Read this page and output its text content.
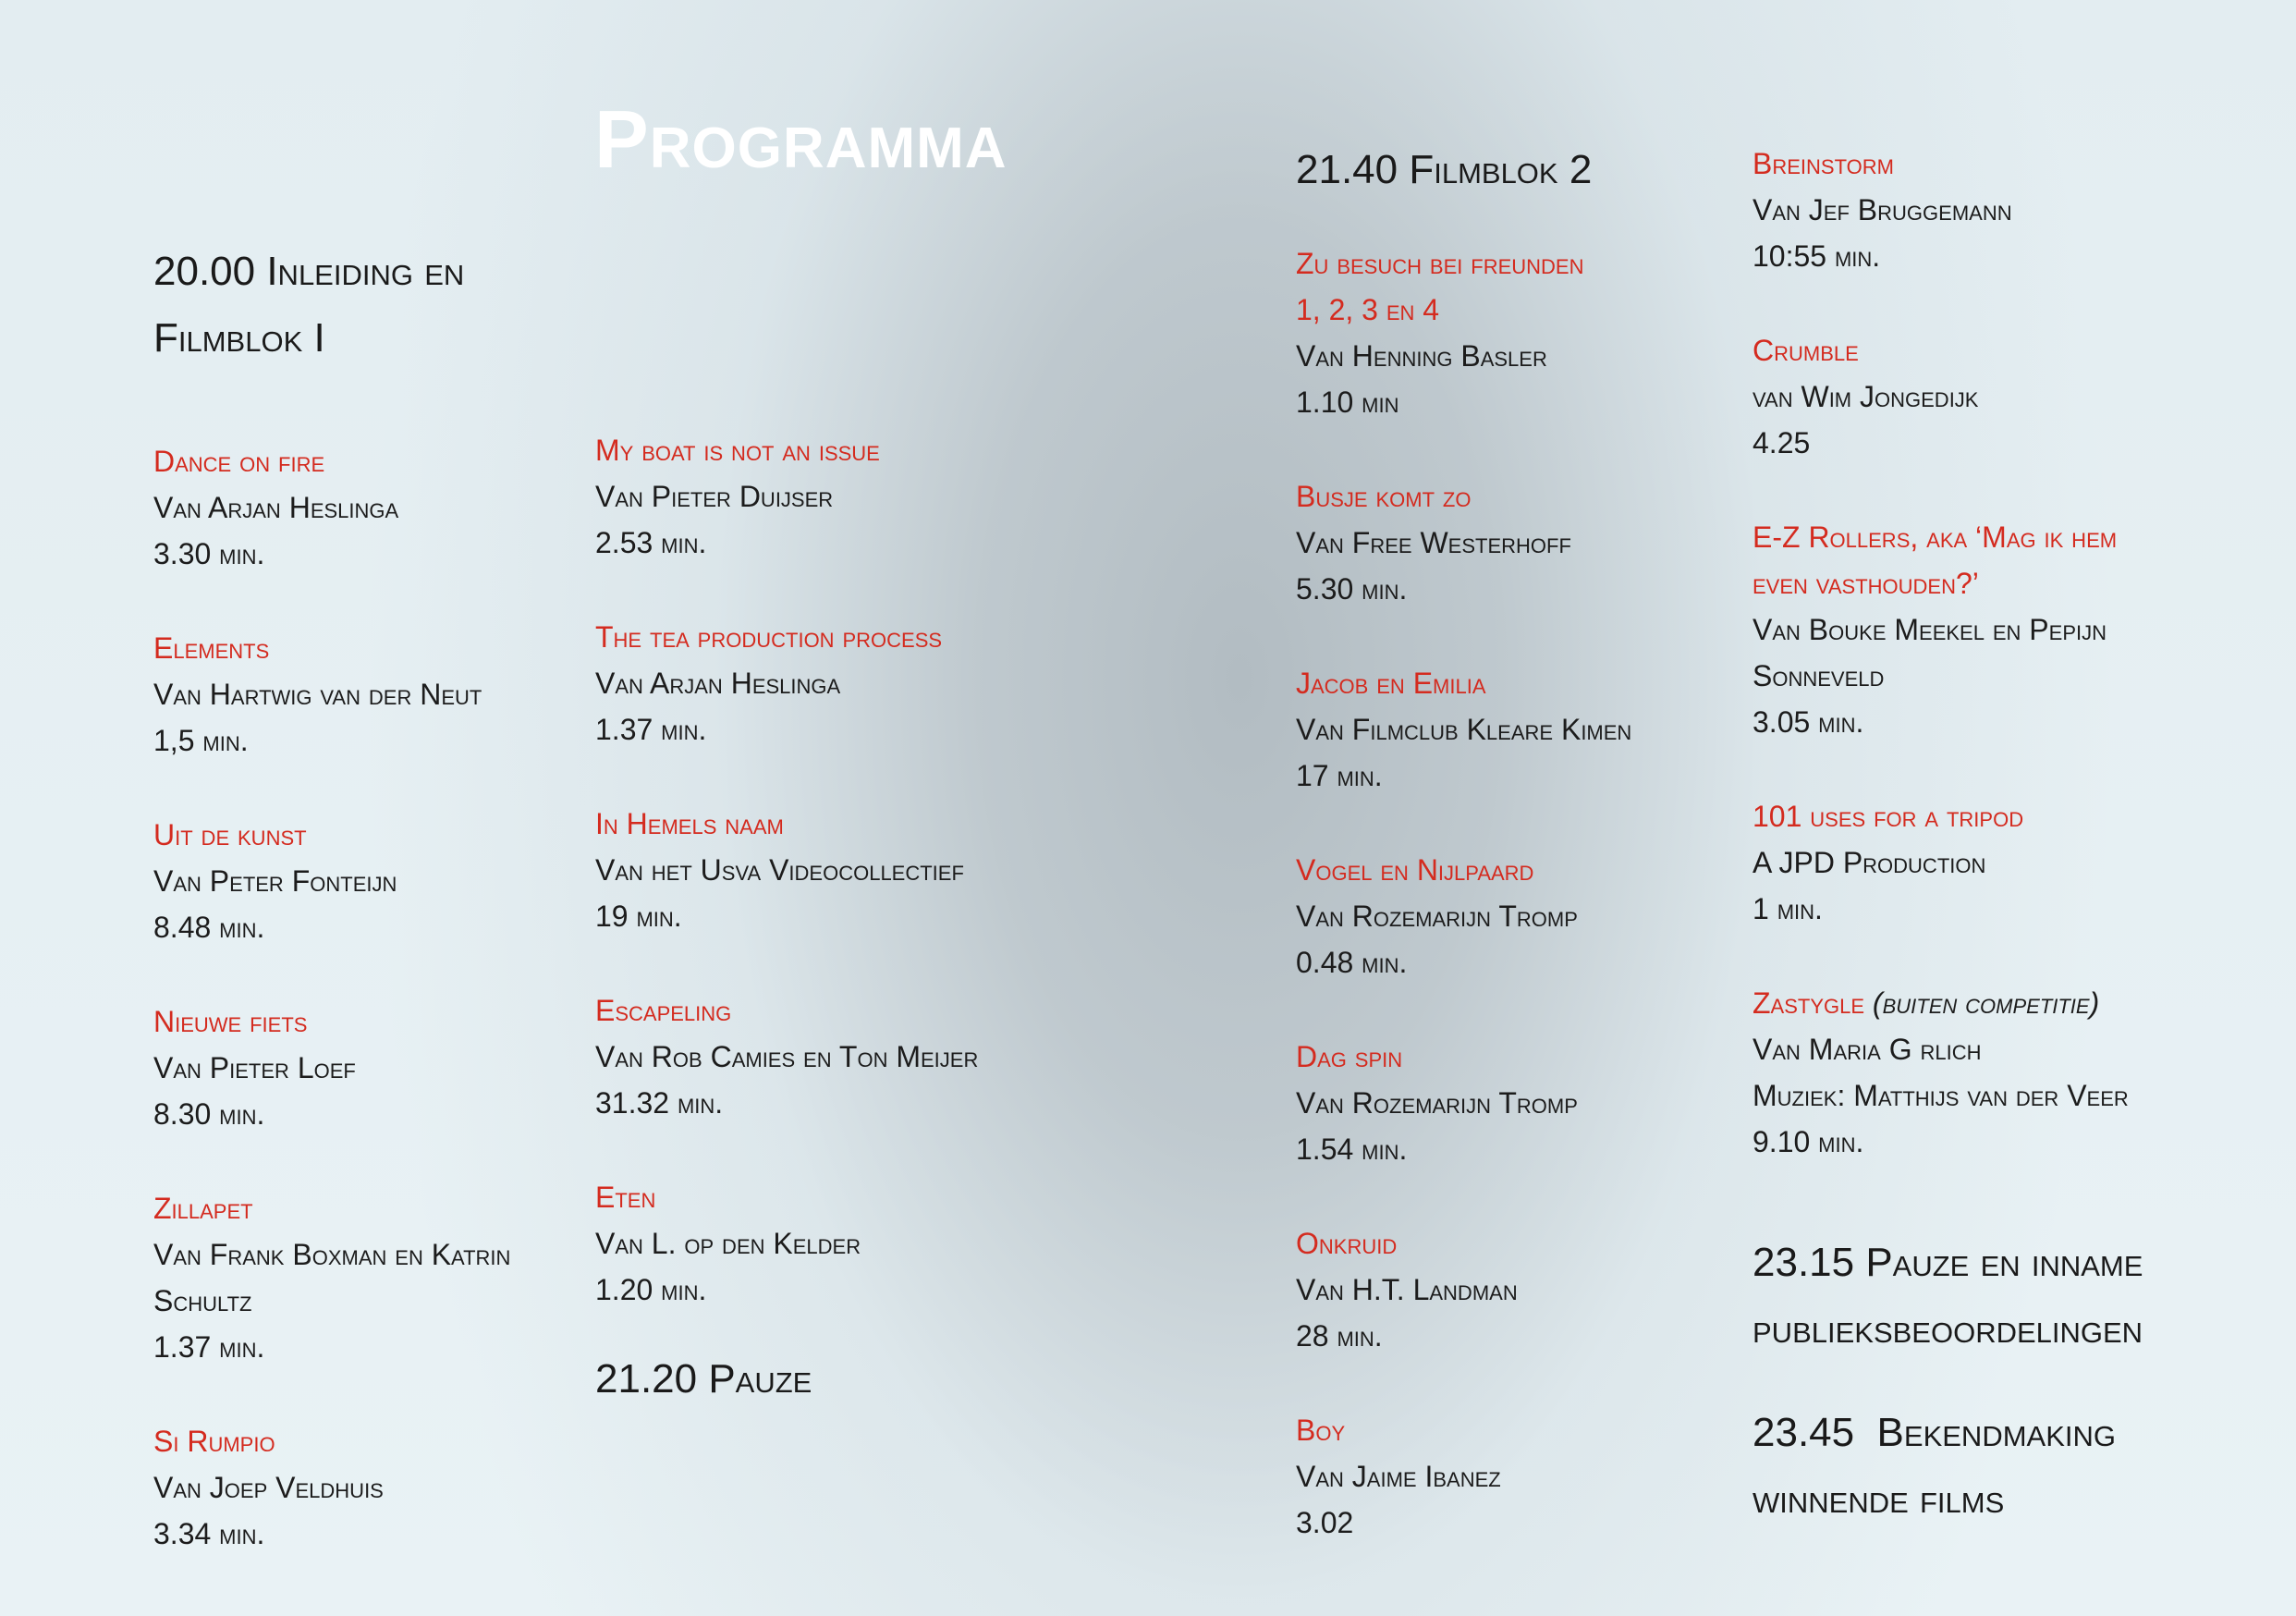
Programma

20.00 Inleiding en

Filmblok I

Dance on fire

Van Arjan Heslinga

3.30 min.

Elements

Van Hartwig van der Neut

1,5 min.

Uit de kunst

Van Peter Fonteijn

8.48 min.

Nieuwe fiets

Van Pieter Loef

8.30 min.

Zillapet

Van Frank Boxman en Katrin

Schultz

1.37 min.

Si Rumpio

Van Joep Veldhuis

3.34 min.

My boat is not an issue

Van Pieter Duijser

2.53 min.

The tea production process

Van Arjan Heslinga

1.37 min.

In Hemels naam

Van het Usva Videocollectief

19 min.

Escapeling

Van Rob Camies en Ton Meijer

31.32 min.

Eten

Van L. op den Kelder

1.20 min.

21.20 Pauze

21.40 Filmblok 2

Zu besuch bei freunden

1, 2, 3 en 4

Van Henning Basler

1.10 min

Busje komt zo

Van Free Westerhoff

5.30 min.

Jacob en Emilia

Van Filmclub Kleare Kimen

17 min.

Vogel en Nijlpaard

Van Rozemarijn Tromp

0.48 min.

Dag spin

Van Rozemarijn Tromp

1.54 min.

Onkruid

Van H.T. Landman

28 min.

Boy

Van Jaime Ibanez

3.02

Breinstorm

Van Jef Bruggemann

10:55 min.

Crumble

van Wim Jongedijk

4.25

E-Z Rollers, aka ‘Mag ik hem

even vasthouden?’

Van Bouke Meekel en Pepijn

Sonneveld

3.05 min.

101 uses for a tripod

A JPD Production

1 min.

Zastygle (buiten competitie)

Van Maria G rlich

Muziek: Matthijs van der Veer

9.10 min.

23.15 Pauze en inname

publieksbeoordelingen

23.45  Bekendmaking

winnende films
